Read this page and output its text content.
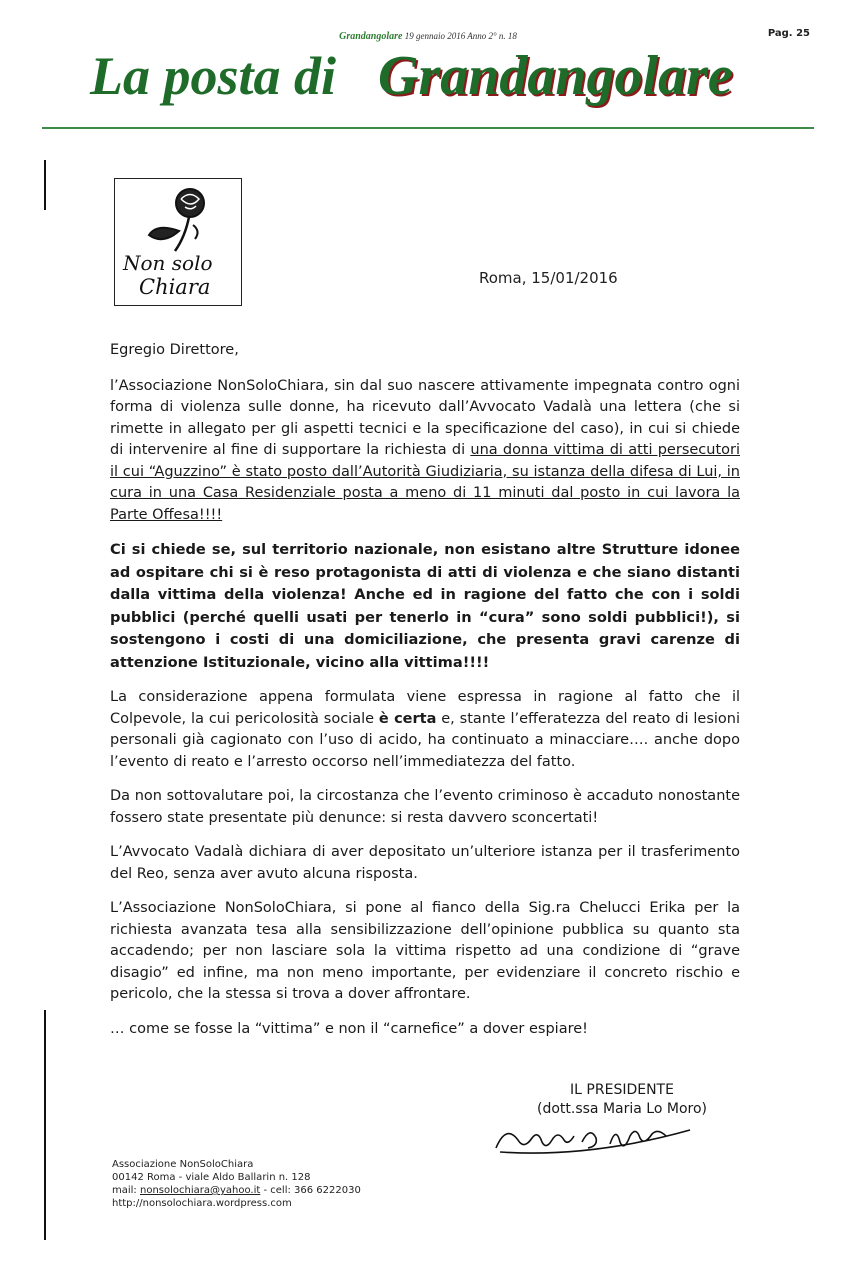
Grandangolare 19 gennaio 2016 Anno 2° n. 18	Pag. 25
La posta di Grandangolare
Non solo
Chiara	Roma, 15/01/2016

Egregio Direttore,

l’Associazione NonSoloChiara, sin dal suo nascere attivamente impegnata contro ogni forma di violenza sulle donne, ha ricevuto dall’Avvocato Vadalà una lettera (che si rimette in allegato per gli aspetti tecnici e la specificazione del caso), in cui si chiede di intervenire al fine di supportare la richiesta di una donna vittima di atti persecutori il cui “Aguzzino” è stato posto dall’Autorità Giudiziaria, su istanza della difesa di Lui, in cura in una Casa Residenziale posta a meno di 11 minuti dal posto in cui lavora la Parte Offesa!!!!

Ci si chiede se, sul territorio nazionale, non esistano altre Strutture idonee ad ospitare chi si è reso protagonista di atti di violenza e che siano distanti dalla vittima della violenza! Anche ed in ragione del fatto che con i soldi pubblici (perché quelli usati per tenerlo in “cura” sono soldi pubblici!), si sostengono i costi di una domiciliazione, che presenta gravi carenze di attenzione Istituzionale, vicino alla vittima!!!!

La considerazione appena formulata viene espressa in ragione al fatto che il Colpevole, la cui pericolosità sociale è certa e, stante l’efferatezza del reato di lesioni personali già cagionato con l’uso di acido, ha continuato a minacciare…. anche dopo l’evento di reato e l’arresto occorso nell’immediatezza del fatto.

Da non sottovalutare poi, la circostanza che l’evento criminoso è accaduto nonostante fossero state presentate più denunce: si resta davvero sconcertati!

L’Avvocato Vadalà dichiara di aver depositato un’ulteriore istanza per il trasferimento del Reo, senza aver avuto alcuna risposta.

L’Associazione NonSoloChiara, si pone al fianco della Sig.ra Chelucci Erika per la richiesta avanzata tesa alla sensibilizzazione dell’opinione pubblica su quanto sta accadendo; per non lasciare sola la vittima rispetto ad una condizione di “grave disagio” ed infine, ma non meno importante, per evidenziare il concreto rischio e pericolo, che la stessa si trova a dover affrontare.

… come se fosse la “vittima” e non il “carnefice” a dover espiare!

IL PRESIDENTE
(dott.ssa Maria Lo Moro)
Associazione NonSoloChiara
00142 Roma - viale Aldo Ballarin n. 128
mail: nonsolochiara@yahoo.it - cell: 366 6222030
http://nonsolochiara.wordpress.com
